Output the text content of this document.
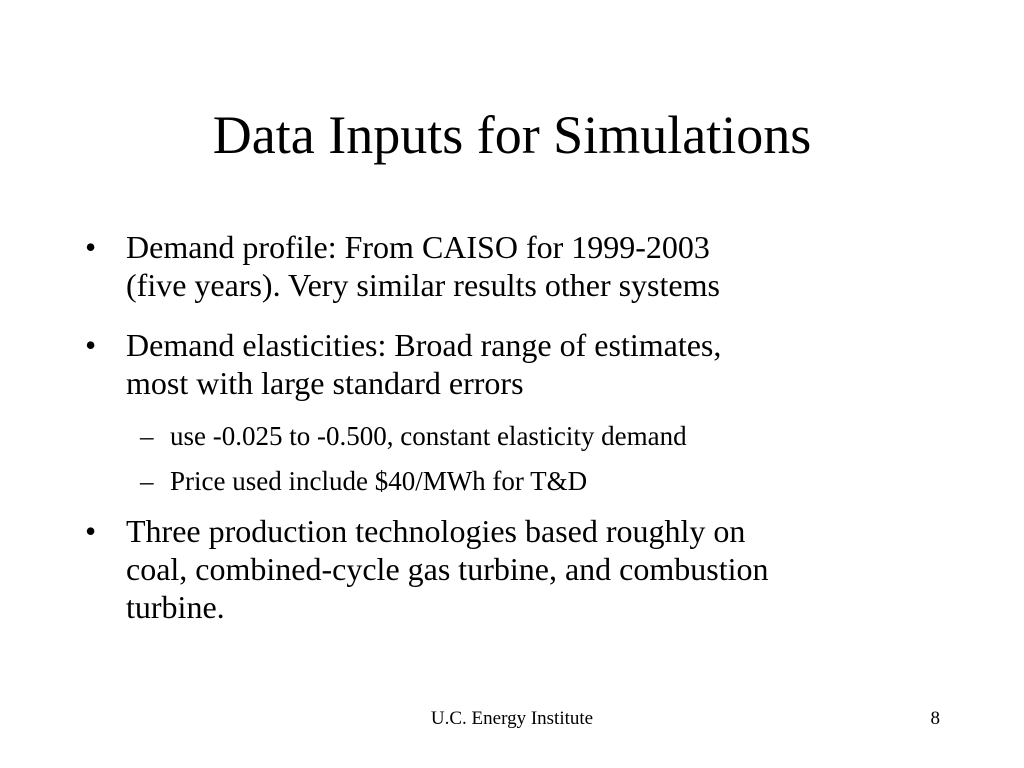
Data Inputs for Simulations
• Demand profile: From CAISO for 1999-2003
(five years). Very similar results other systems
• Demand elasticities: Broad range of estimates,
most with large standard errors
– use -0.025 to -0.500, constant elasticity demand
– Price used include $40/MWh for T&D
• Three production technologies based roughly on
coal, combined-cycle gas turbine, and combustion
turbine.
U.C. Energy Institute	8
